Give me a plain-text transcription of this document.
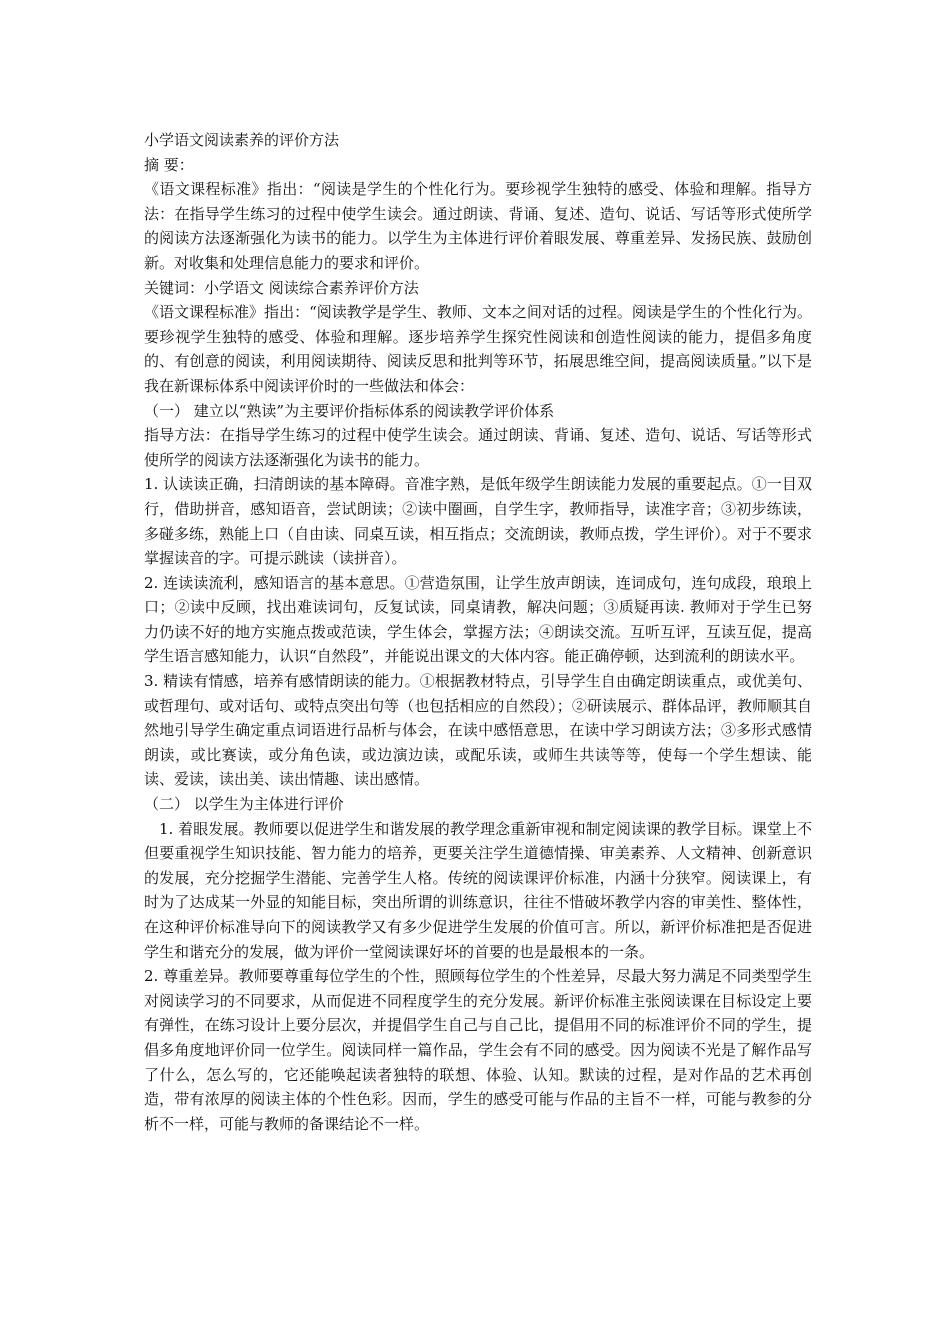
小学语文阅读素养的评价方法

摘 要：

《语文课程标准》指出：“阅读是学生的个性化行为。要珍视学生独特的感受、体验和理解。指导方法：在指导学生练习的过程中使学生读会。通过朗读、背诵、复述、造句、说话、写话等形式使所学的阅读方法逐渐强化为读书的能力。以学生为主体进行评价着眼发展、尊重差异、发扬民族、鼓励创新。对收集和处理信息能力的要求和评价。

关键词：小学语文 阅读综合素养评价方法

《语文课程标准》指出：“阅读教学是学生、教师、文本之间对话的过程。阅读是学生的个性化行为。要珍视学生独特的感受、体验和理解。逐步培养学生探究性阅读和创造性阅读的能力，提倡多角度的、有创意的阅读，利用阅读期待、阅读反思和批判等环节，拓展思维空间，提高阅读质量。”以下是我在新课标体系中阅读评价时的一些做法和体会：

（一） 建立以“熟读”为主要评价指标体系的阅读教学评价体系

指导方法：在指导学生练习的过程中使学生读会。通过朗读、背诵、复述、造句、说话、写话等形式使所学的阅读方法逐渐强化为读书的能力。

1. 认读读正确，扫清朗读的基本障碍。音准字熟，是低年级学生朗读能力发展的重要起点。①一目双行，借助拼音，感知语音，尝试朗读；②读中圈画，自学生字，教师指导，读准字音；③初步练读，多碰多练，熟能上口（自由读、同桌互读，相互指点；交流朗读，教师点拨，学生评价）。对于不要求掌握读音的字。可提示跳读（读拼音）。

2. 连读读流利，感知语言的基本意思。①营造氛围，让学生放声朗读，连词成句，连句成段，琅琅上口；②读中反顾，找出难读词句，反复试读，同桌请教，解决问题；③质疑再读. 教师对于学生已努力仍读不好的地方实施点拨或范读，学生体会，掌握方法；④朗读交流。互听互评，互读互促，提高学生语言感知能力，认识“自然段”，并能说出课文的大体内容。能正确停顿，达到流利的朗读水平。

3. 精读有情感，培养有感情朗读的能力。①根据教材特点，引导学生自由确定朗读重点，或优美句、或哲理句、或对话句、或特点突出句等（也包括相应的自然段）；②研读展示、群体品评，教师顺其自然地引导学生确定重点词语进行品析与体会，在读中感悟意思，在读中学习朗读方法；③多形式感情朗读，或比赛读，或分角色读，或边演边读，或配乐读，或师生共读等等，使每一个学生想读、能读、爱读，读出美、读出情趣、读出感情。

（二） 以学生为主体进行评价

1. 着眼发展。教师要以促进学生和谐发展的教学理念重新审视和制定阅读课的教学目标。课堂上不但要重视学生知识技能、智力能力的培养，更要关注学生道德情操、审美素养、人文精神、创新意识的发展，充分挖掘学生潜能、完善学生人格。传统的阅读课评价标准，内涵十分狭窄。阅读课上，有时为了达成某一外显的知能目标，突出所谓的训练意识，往往不惜破坏教学内容的审美性、整体性，在这种评价标准导向下的阅读教学又有多少促进学生发展的价值可言。所以，新评价标准把是否促进学生和谐充分的发展，做为评价一堂阅读课好坏的首要的也是最根本的一条。

2. 尊重差异。教师要尊重每位学生的个性，照顾每位学生的个性差异，尽最大努力满足不同类型学生对阅读学习的不同要求，从而促进不同程度学生的充分发展。新评价标准主张阅读课在目标设定上要有弹性，在练习设计上要分层次，并提倡学生自己与自己比，提倡用不同的标准评价不同的学生，提倡多角度地评价同一位学生。阅读同样一篇作品，学生会有不同的感受。因为阅读不光是了解作品写了什么，怎么写的，它还能唤起读者独特的联想、体验、认知。默读的过程，是对作品的艺术再创造，带有浓厚的阅读主体的个性色彩。因而，学生的感受可能与作品的主旨不一样，可能与教参的分析不一样，可能与教师的备课结论不一样。
